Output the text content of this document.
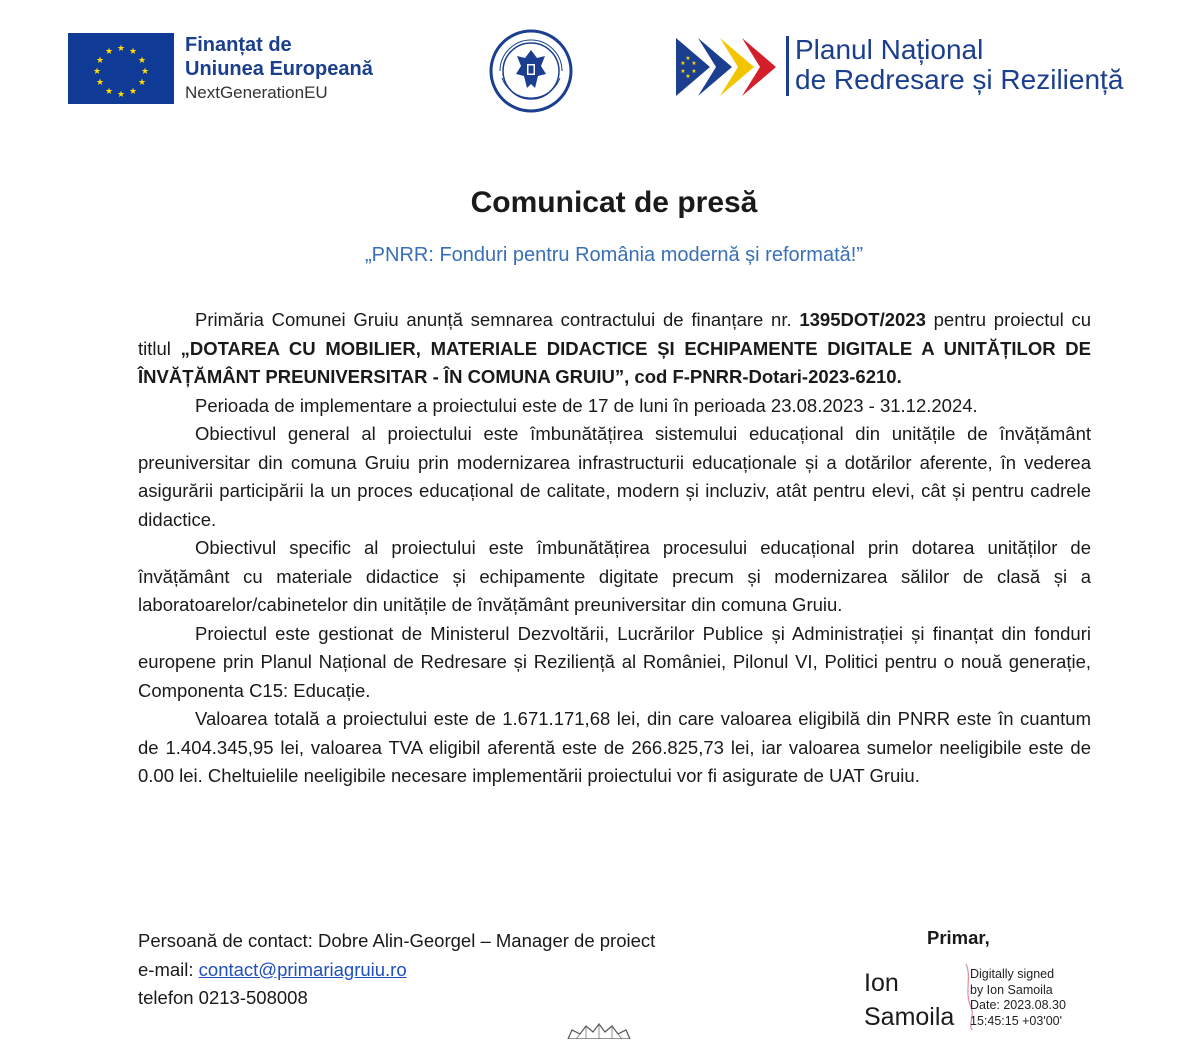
★ ★
★
★
★
★
★
★
★
★
★
★	Finanțat de
Uniunea Europeană
NextGenerationEU
★
★
★
★
★
★	Planul Național
de Redresare și Reziliență
Comunicat de presă
„PNRR: Fonduri pentru România modernă și reformată!”

Primăria Comunei Gruiu anunță semnarea contractului de finanțare nr. 1395DOT/2023 pentru proiectul cu titlul „DOTAREA CU MOBILIER, MATERIALE DIDACTICE ȘI ECHIPAMENTE DIGITALE A UNITĂȚILOR DE ÎNVĂȚĂMÂNT PREUNIVERSITAR - ÎN COMUNA GRUIU”, cod F-PNRR-Dotari-2023-6210.

Perioada de implementare a proiectului este de 17 de luni în perioada 23.08.2023 - 31.12.2024.

Obiectivul general al proiectului este îmbunătățirea sistemului educațional din unitățile de învățământ preuniversitar din comuna Gruiu prin modernizarea infrastructurii educaționale și a dotărilor aferente, în vederea asigurării participării la un proces educațional de calitate, modern și incluziv, atât pentru elevi, cât și pentru cadrele didactice.

Obiectivul specific al proiectului este îmbunătățirea procesului educațional prin dotarea unităților de învățământ cu materiale didactice și echipamente digitate precum și modernizarea sălilor de clasă și a laboratoarelor/cabinetelor din unitățile de învățământ preuniversitar din comuna Gruiu.

Proiectul este gestionat de Ministerul Dezvoltării, Lucrărilor Publice și Administrației și finanțat din fonduri europene prin Planul Național de Redresare și Reziliență al României, Pilonul VI, Politici pentru o nouă generație, Componenta C15: Educație.

Valoarea totală a proiectului este de 1.671.171,68 lei, din care valoarea eligibilă din PNRR este în cuantum de 1.404.345,95 lei, valoarea TVA eligibil aferentă este de 266.825,73 lei, iar valoarea sumelor neeligibile este de 0.00 lei. Cheltuielile neeligibile necesare implementării proiectului vor fi asigurate de UAT Gruiu.

Persoană de contact: Dobre Alin-Georgel – Manager de proiect
e-mail: contact@primariagruiu.ro
telefon 0213-508008
Primar,
Ion
Samoila
Digitally signed
by Ion Samoila
Date: 2023.08.30
15:45:15 +03'00'
